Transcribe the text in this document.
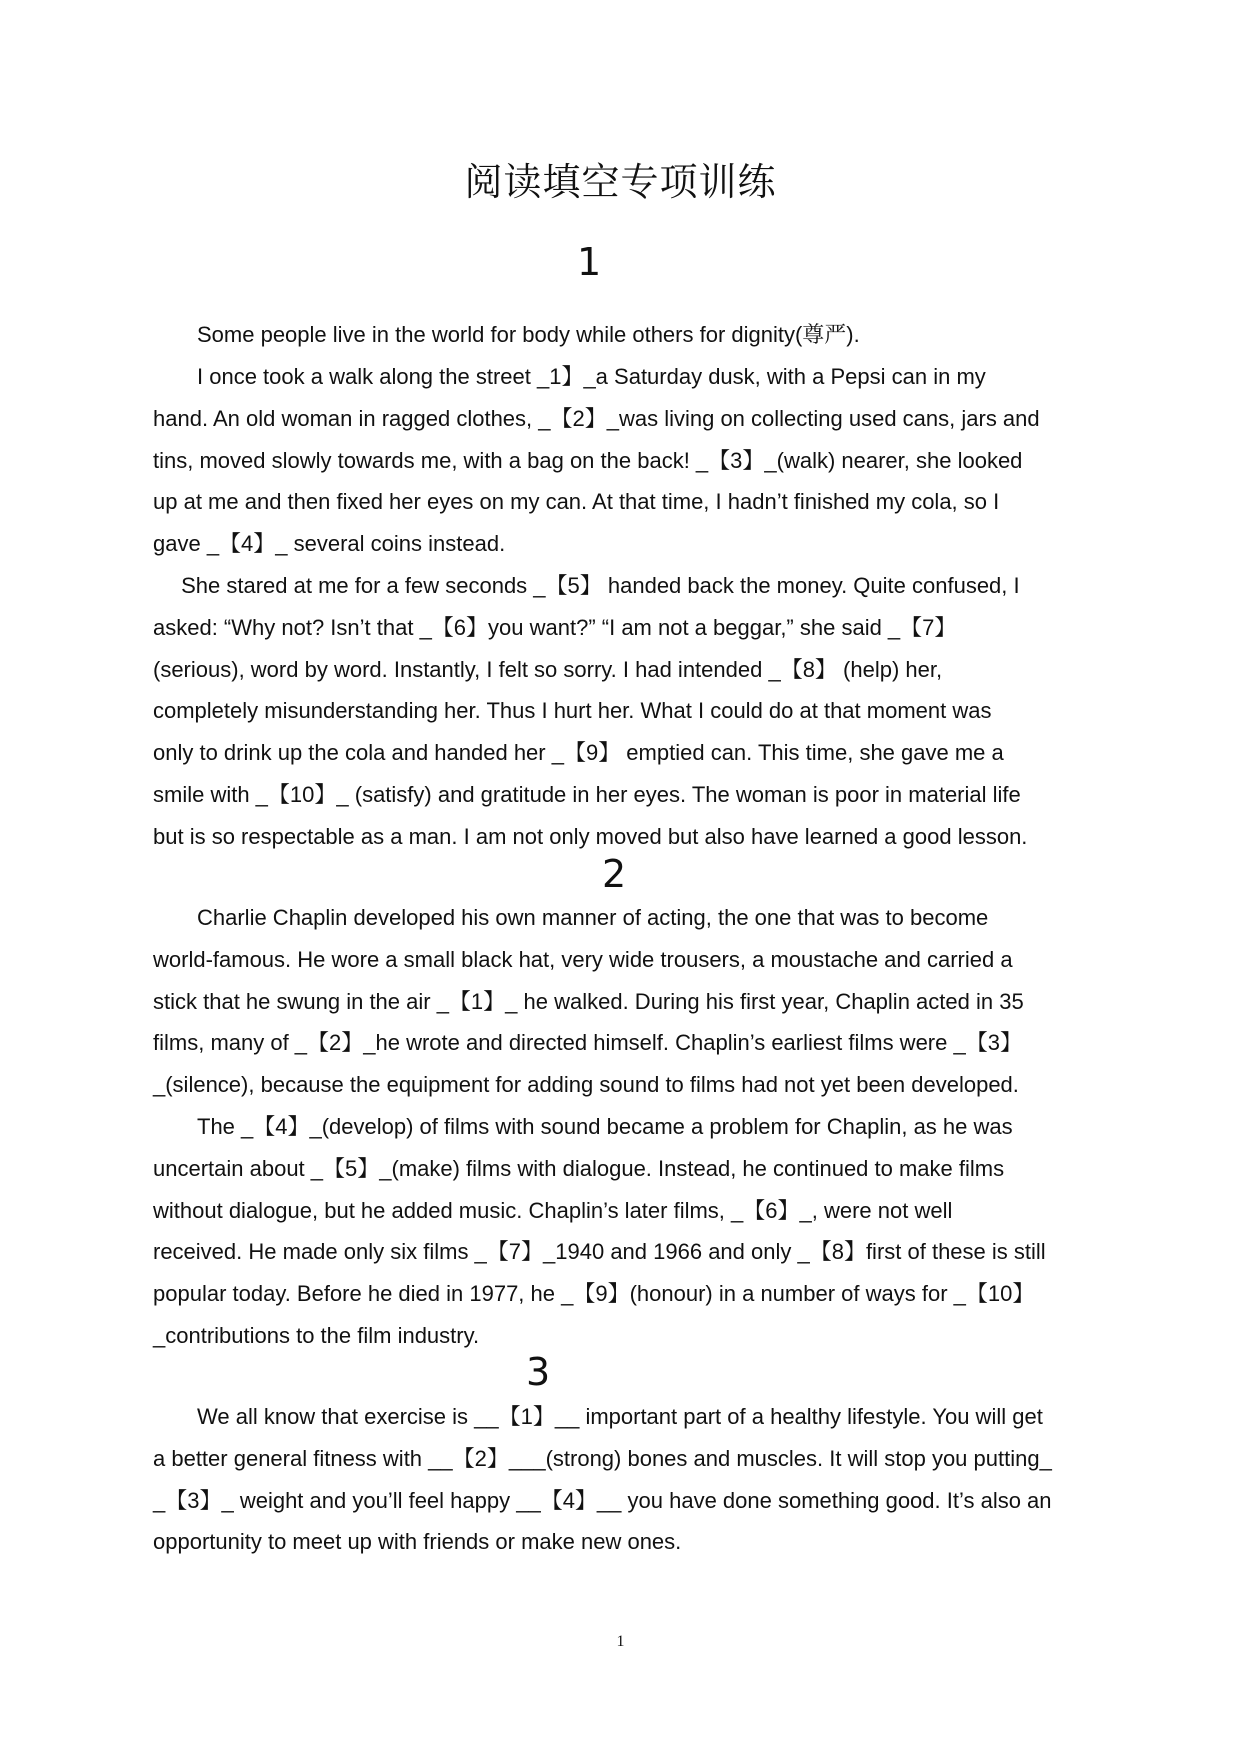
阅读填空专项训练
1
　　Some people live in the world for body while others for dignity(尊严).
　　I once took a walk along the street _1】_a Saturday dusk, with a Pepsi can in my
hand. An old woman in ragged clothes, _【2】_was living on collecting used cans, jars and
tins, moved slowly towards me, with a bag on the back! _【3】_(walk) nearer, she looked
up at me and then fixed her eyes on my can. At that time, I hadn’t finished my cola, so I
gave _【4】_ several coins instead.
　 She stared at me for a few seconds _【5】 handed back the money. Quite confused, I
asked: “Why not? Isn’t that _【6】you want?” “I am not a beggar,” she said _【7】
(serious), word by word. Instantly, I felt so sorry. I had intended _【8】 (help) her,
completely misunderstanding her. Thus I hurt her. What I could do at that moment was
only to drink up the cola and handed her _【9】 emptied can. This time, she gave me a
smile with _【10】_ (satisfy) and gratitude in her eyes. The woman is poor in material life
but is so respectable as a man. I am not only moved but also have learned a good lesson.
2
　　Charlie Chaplin developed his own manner of acting, the one that was to become
world-famous. He wore a small black hat, very wide trousers, a moustache and carried a
stick that he swung in the air _【1】_ he walked. During his first year, Chaplin acted in 35
films, many of _【2】_he wrote and directed himself. Chaplin’s earliest films were _【3】
_(silence), because the equipment for adding sound to films had not yet been developed.
　　The _【4】_(develop) of films with sound became a problem for Chaplin, as he was
uncertain about _【5】_(make) films with dialogue. Instead, he continued to make films
without dialogue, but he added music. Chaplin’s later films, _【6】_, were not well
received. He made only six films _【7】_1940 and 1966 and only _【8】first of these is still
popular today. Before he died in 1977, he _【9】(honour) in a number of ways for _【10】
_contributions to the film industry.
3
　　We all know that exercise is __【1】__ important part of a healthy lifestyle. You will get
a better general fitness with __【2】___(strong) bones and muscles. It will stop you putting_
_【3】_ weight and you’ll feel happy __【4】__ you have done something good. It’s also an
opportunity to meet up with friends or make new ones.
1
